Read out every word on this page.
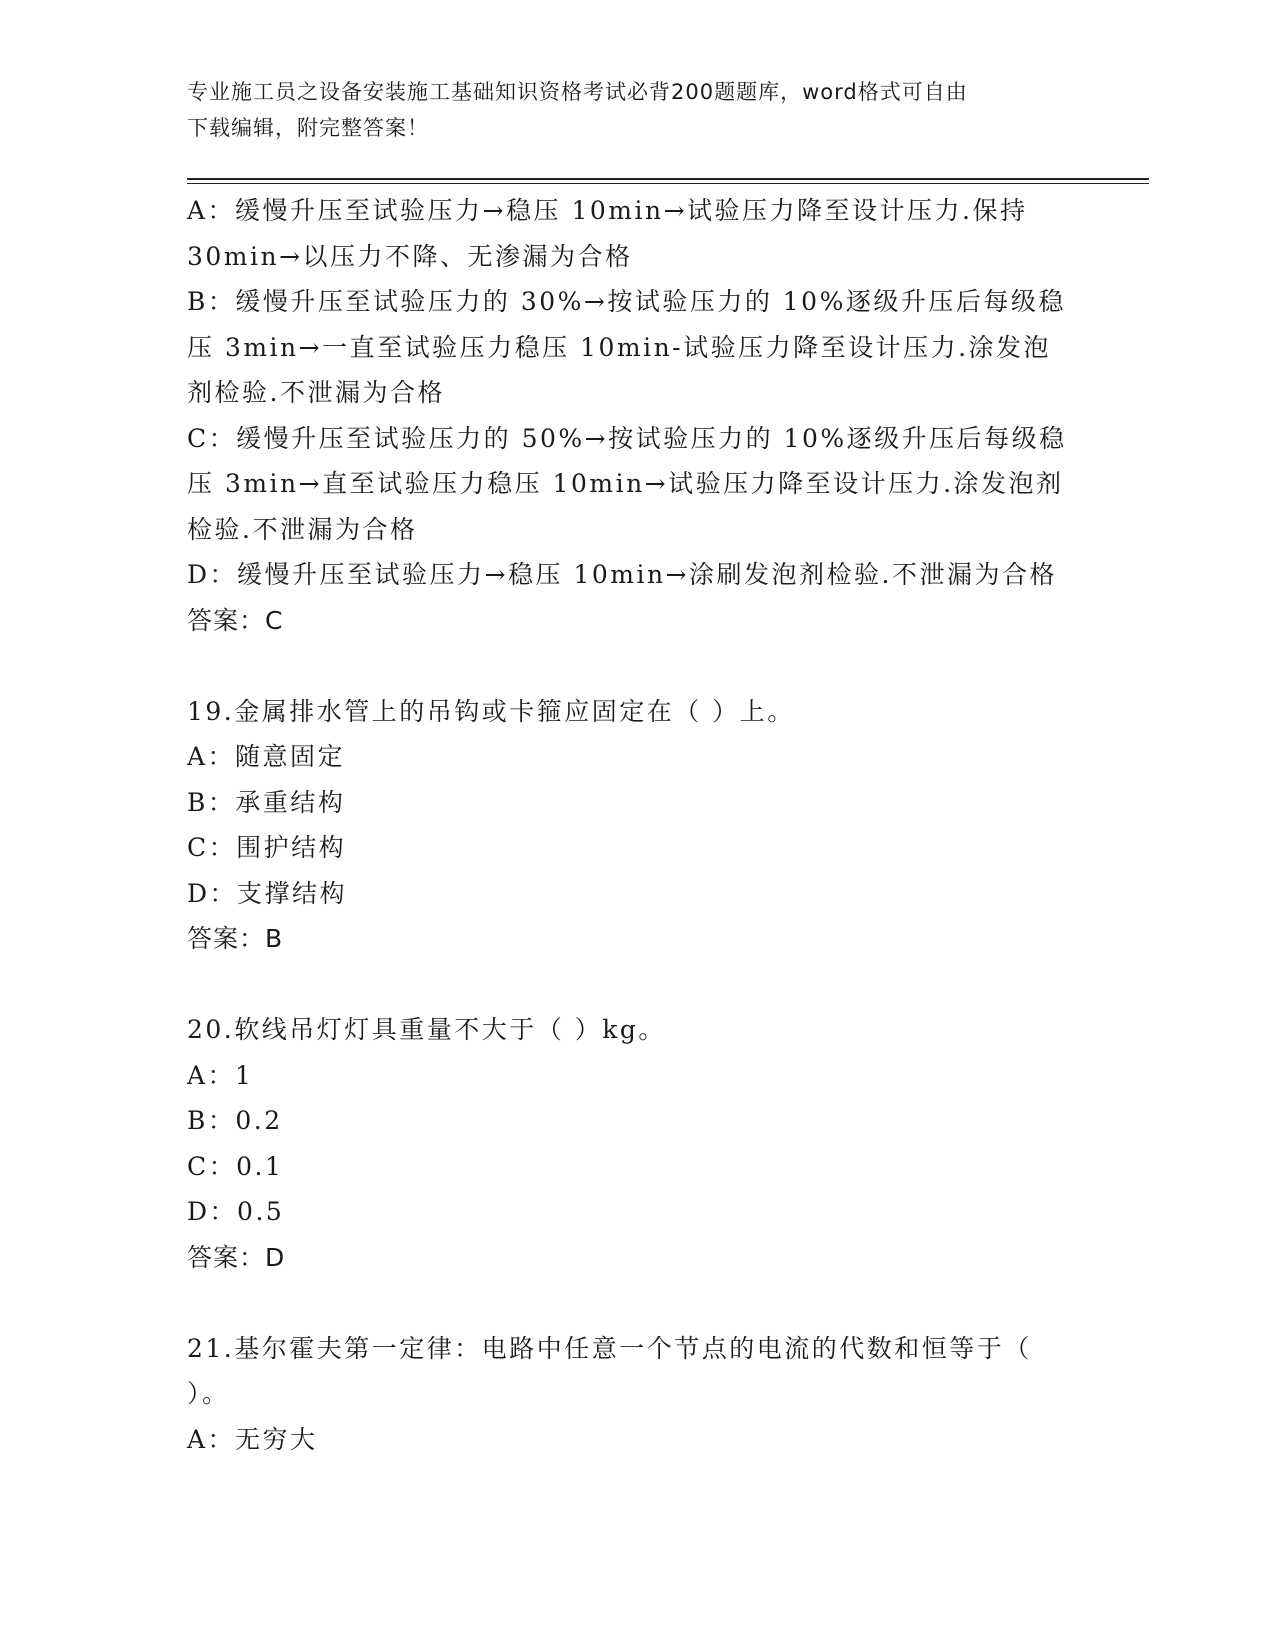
专业施工员之设备安装施工基础知识资格考试必背200题题库，word格式可自由
下载编辑，附完整答案！
A：缓慢升压至试验压力→稳压 10min→试验压力降至设计压力.保持
30min→以压力不降、无渗漏为合格
B：缓慢升压至试验压力的 30%→按试验压力的 10%逐级升压后每级稳
压 3min→一直至试验压力稳压 10min-试验压力降至设计压力.涂发泡
剂检验.不泄漏为合格
C：缓慢升压至试验压力的 50%→按试验压力的 10%逐级升压后每级稳
压 3min→直至试验压力稳压 10min→试验压力降至设计压力.涂发泡剂
检验.不泄漏为合格
D：缓慢升压至试验压力→稳压 10min→涂刷发泡剂检验.不泄漏为合格
答案：C
19.金属排水管上的吊钩或卡箍应固定在（ ）上。
A：随意固定
B：承重结构
C：围护结构
D：支撑结构
答案：B
20.软线吊灯灯具重量不大于（ ）kg。
A：1
B：0.2
C：0.1
D：0.5
答案：D
21.基尔霍夫第一定律：电路中任意一个节点的电流的代数和恒等于（
）。
A：无穷大
